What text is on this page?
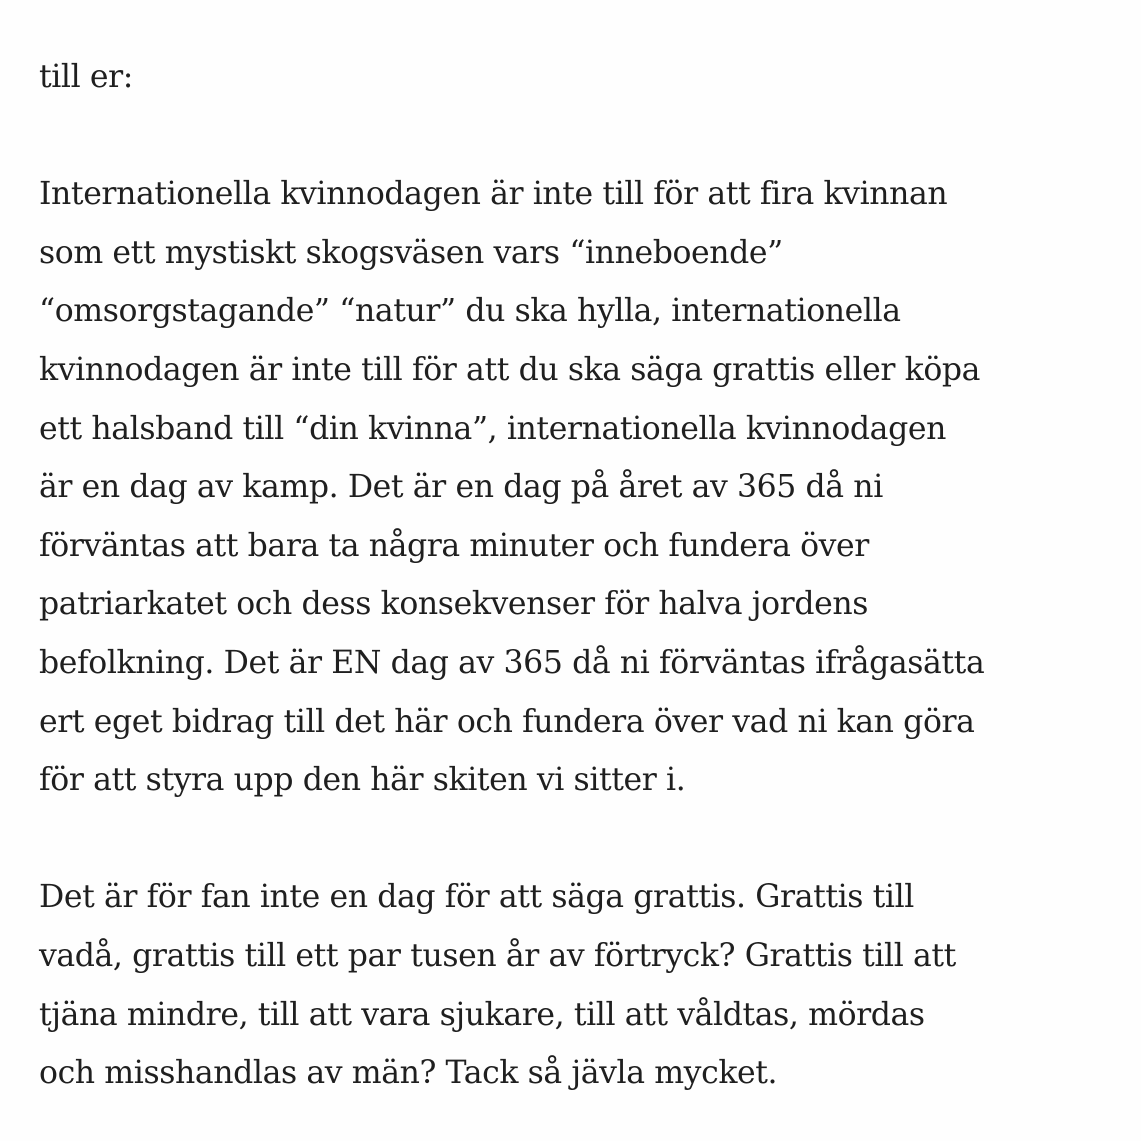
till er:

Internationella kvinnodagen är inte till för att fira kvinnan
som ett mystiskt skogsväsen vars “inneboende”
“omsorgstagande” “natur” du ska hylla, internationella
kvinnodagen är inte till för att du ska säga grattis eller köpa
ett halsband till “din kvinna”, internationella kvinnodagen
är en dag av kamp. Det är en dag på året av 365 då ni
förväntas att bara ta några minuter och fundera över
patriarkatet och dess konsekvenser för halva jordens
befolkning. Det är EN dag av 365 då ni förväntas ifrågasätta
ert eget bidrag till det här och fundera över vad ni kan göra
för att styra upp den här skiten vi sitter i.

Det är för fan inte en dag för att säga grattis. Grattis till
vadå, grattis till ett par tusen år av förtryck? Grattis till att
tjäna mindre, till att vara sjukare, till att våldtas, mördas
och misshandlas av män? Tack så jävla mycket.
